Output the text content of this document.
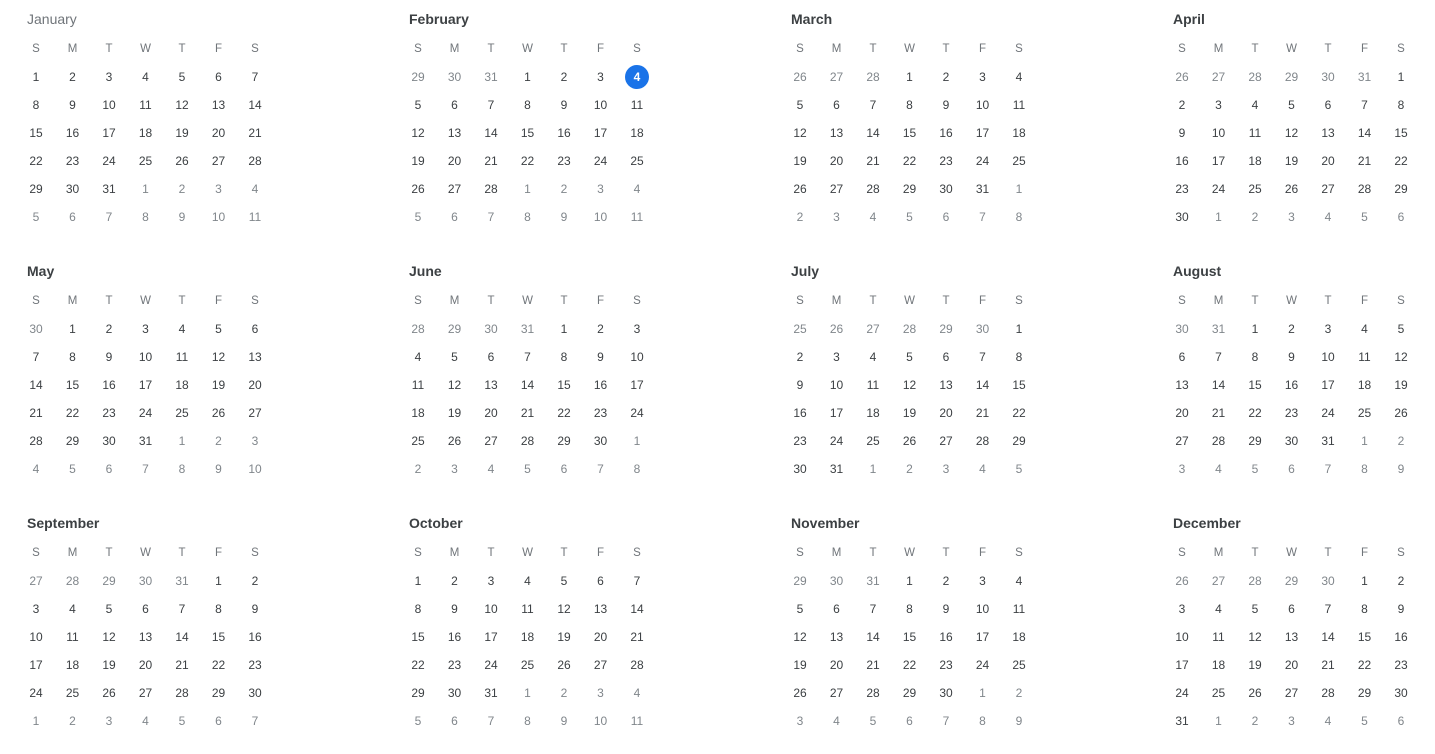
January
S	M	T	W	T	F	S
1	2	3	4	5	6	7
8	9	10	11	12	13	14
15	16	17	18	19	20	21
22	23	24	25	26	27	28
29	30	31	1	2	3	4
5	6	7	8	9	10	11
February
S	M	T	W	T	F	S
29	30	31	1	2	3	4
5	6	7	8	9	10	11
12	13	14	15	16	17	18
19	20	21	22	23	24	25
26	27	28	1	2	3	4
5	6	7	8	9	10	11
March
S	M	T	W	T	F	S
26	27	28	1	2	3	4
5	6	7	8	9	10	11
12	13	14	15	16	17	18
19	20	21	22	23	24	25
26	27	28	29	30	31	1
2	3	4	5	6	7	8
April
S	M	T	W	T	F	S
26	27	28	29	30	31	1
2	3	4	5	6	7	8
9	10	11	12	13	14	15
16	17	18	19	20	21	22
23	24	25	26	27	28	29
30	1	2	3	4	5	6
May
S	M	T	W	T	F	S
30	1	2	3	4	5	6
7	8	9	10	11	12	13
14	15	16	17	18	19	20
21	22	23	24	25	26	27
28	29	30	31	1	2	3
4	5	6	7	8	9	10
June
S	M	T	W	T	F	S
28	29	30	31	1	2	3
4	5	6	7	8	9	10
11	12	13	14	15	16	17
18	19	20	21	22	23	24
25	26	27	28	29	30	1
2	3	4	5	6	7	8
July
S	M	T	W	T	F	S
25	26	27	28	29	30	1
2	3	4	5	6	7	8
9	10	11	12	13	14	15
16	17	18	19	20	21	22
23	24	25	26	27	28	29
30	31	1	2	3	4	5
August
S	M	T	W	T	F	S
30	31	1	2	3	4	5
6	7	8	9	10	11	12
13	14	15	16	17	18	19
20	21	22	23	24	25	26
27	28	29	30	31	1	2
3	4	5	6	7	8	9
September
S	M	T	W	T	F	S
27	28	29	30	31	1	2
3	4	5	6	7	8	9
10	11	12	13	14	15	16
17	18	19	20	21	22	23
24	25	26	27	28	29	30
1	2	3	4	5	6	7
October
S	M	T	W	T	F	S
1	2	3	4	5	6	7
8	9	10	11	12	13	14
15	16	17	18	19	20	21
22	23	24	25	26	27	28
29	30	31	1	2	3	4
5	6	7	8	9	10	11
November
S	M	T	W	T	F	S
29	30	31	1	2	3	4
5	6	7	8	9	10	11
12	13	14	15	16	17	18
19	20	21	22	23	24	25
26	27	28	29	30	1	2
3	4	5	6	7	8	9
December
S	M	T	W	T	F	S
26	27	28	29	30	1	2
3	4	5	6	7	8	9
10	11	12	13	14	15	16
17	18	19	20	21	22	23
24	25	26	27	28	29	30
31	1	2	3	4	5	6
